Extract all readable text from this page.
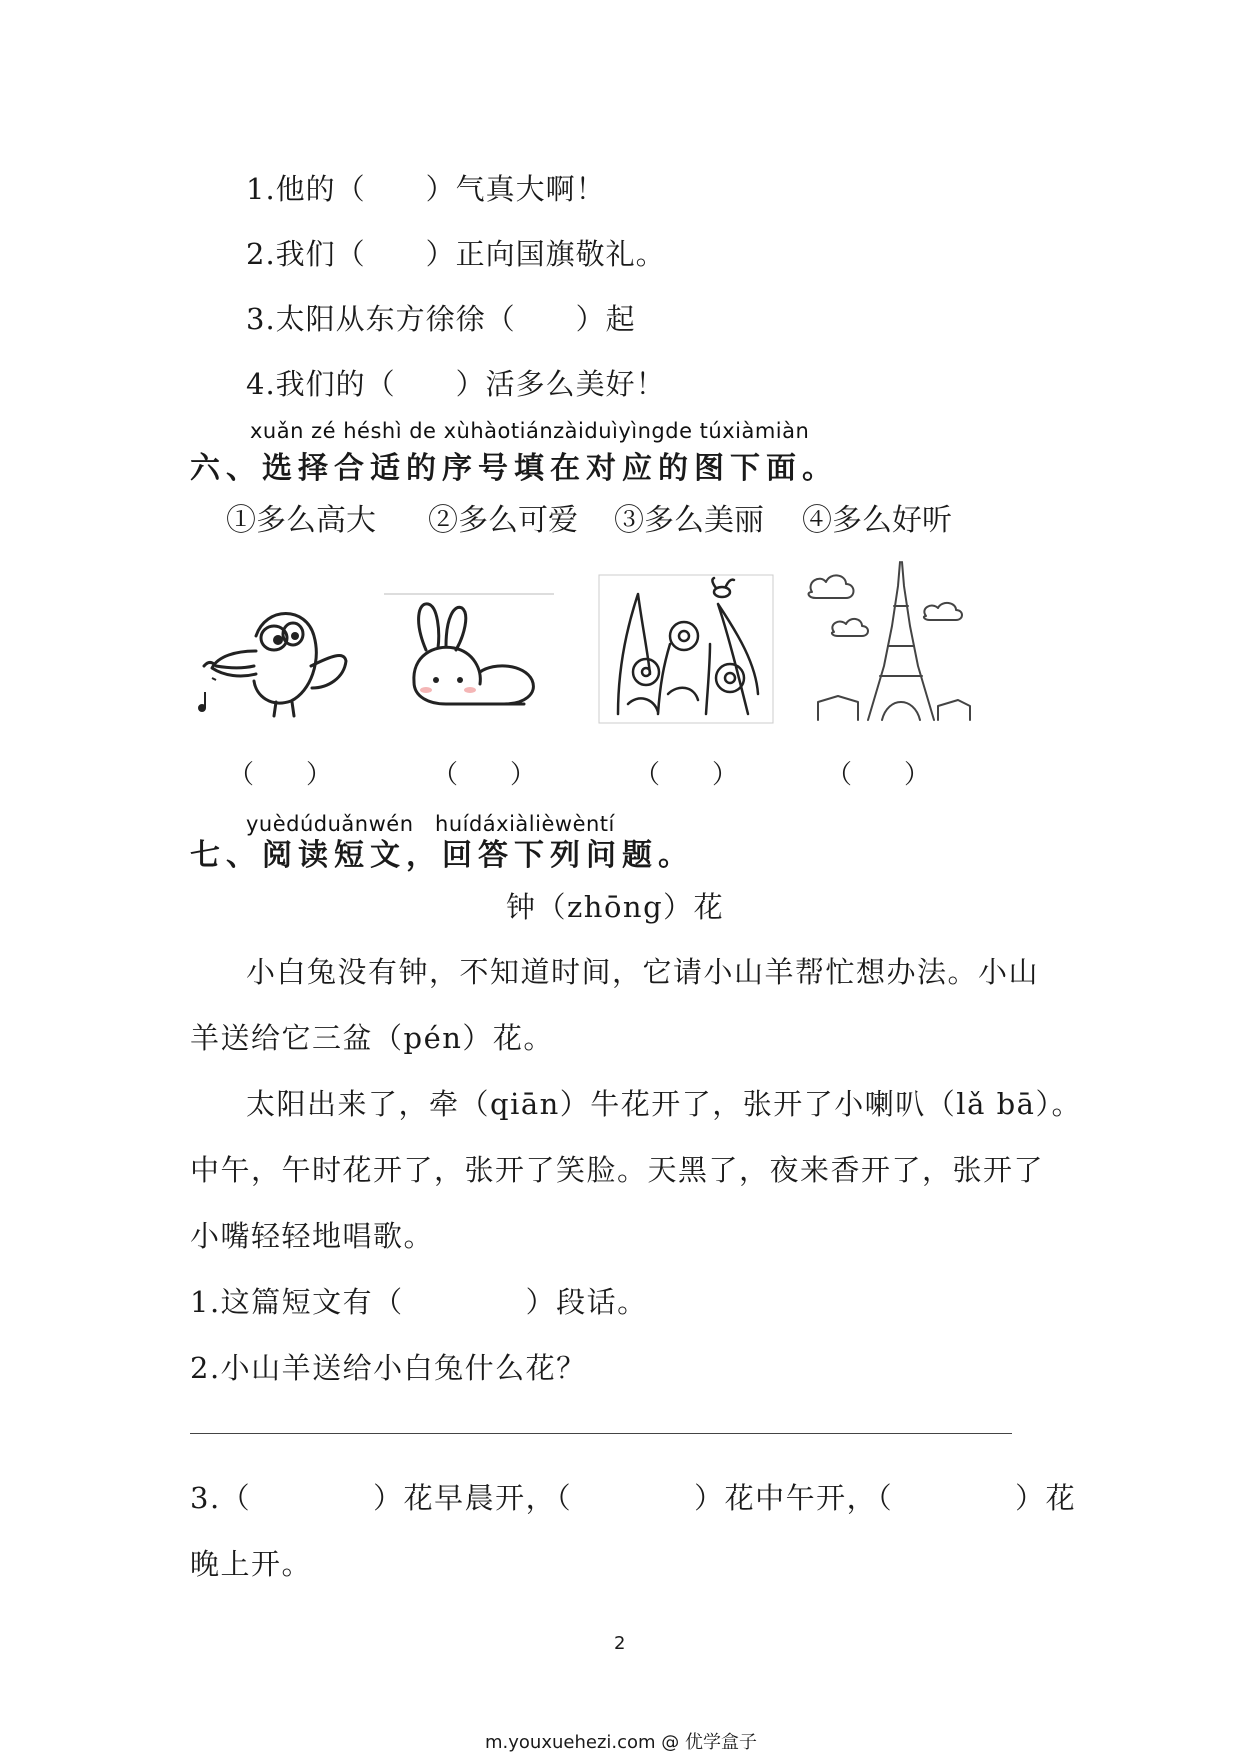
1.他的（　　）气真大啊！
2.我们（　　）正向国旗敬礼。
3.太阳从东方徐徐（　　）起
4.我们的（　　）活多么美好！
xuǎn zé héshì de xùhàotiánzàiduìyìngde túxiàmiàn
六、选择合适的序号填在对应的图下面。
①多么高大 ②多么可爱 ③多么美丽 ④多么好听
（　　）	（　　）	（　　）	（　　）
yuèdúduǎnwén　huídáxiàlièwèntí
七、阅读短文，回答下列问题。
钟（zhōng）花
小白兔没有钟，不知道时间，它请小山羊帮忙想办法。小山
羊送给它三盆（pén）花。
太阳出来了，牵（qiān）牛花开了，张开了小喇叭（lǎ bā）。
中午，午时花开了，张开了笑脸。天黑了，夜来香开了，张开了
小嘴轻轻地唱歌。
1.这篇短文有（　　　　）段话。
2.小山羊送给小白兔什么花？
3.（　　　　）花早晨开，（　　　　）花中午开，（　　　　）花
晚上开。
2
m.youxuehezi.com @ 优学盒子
